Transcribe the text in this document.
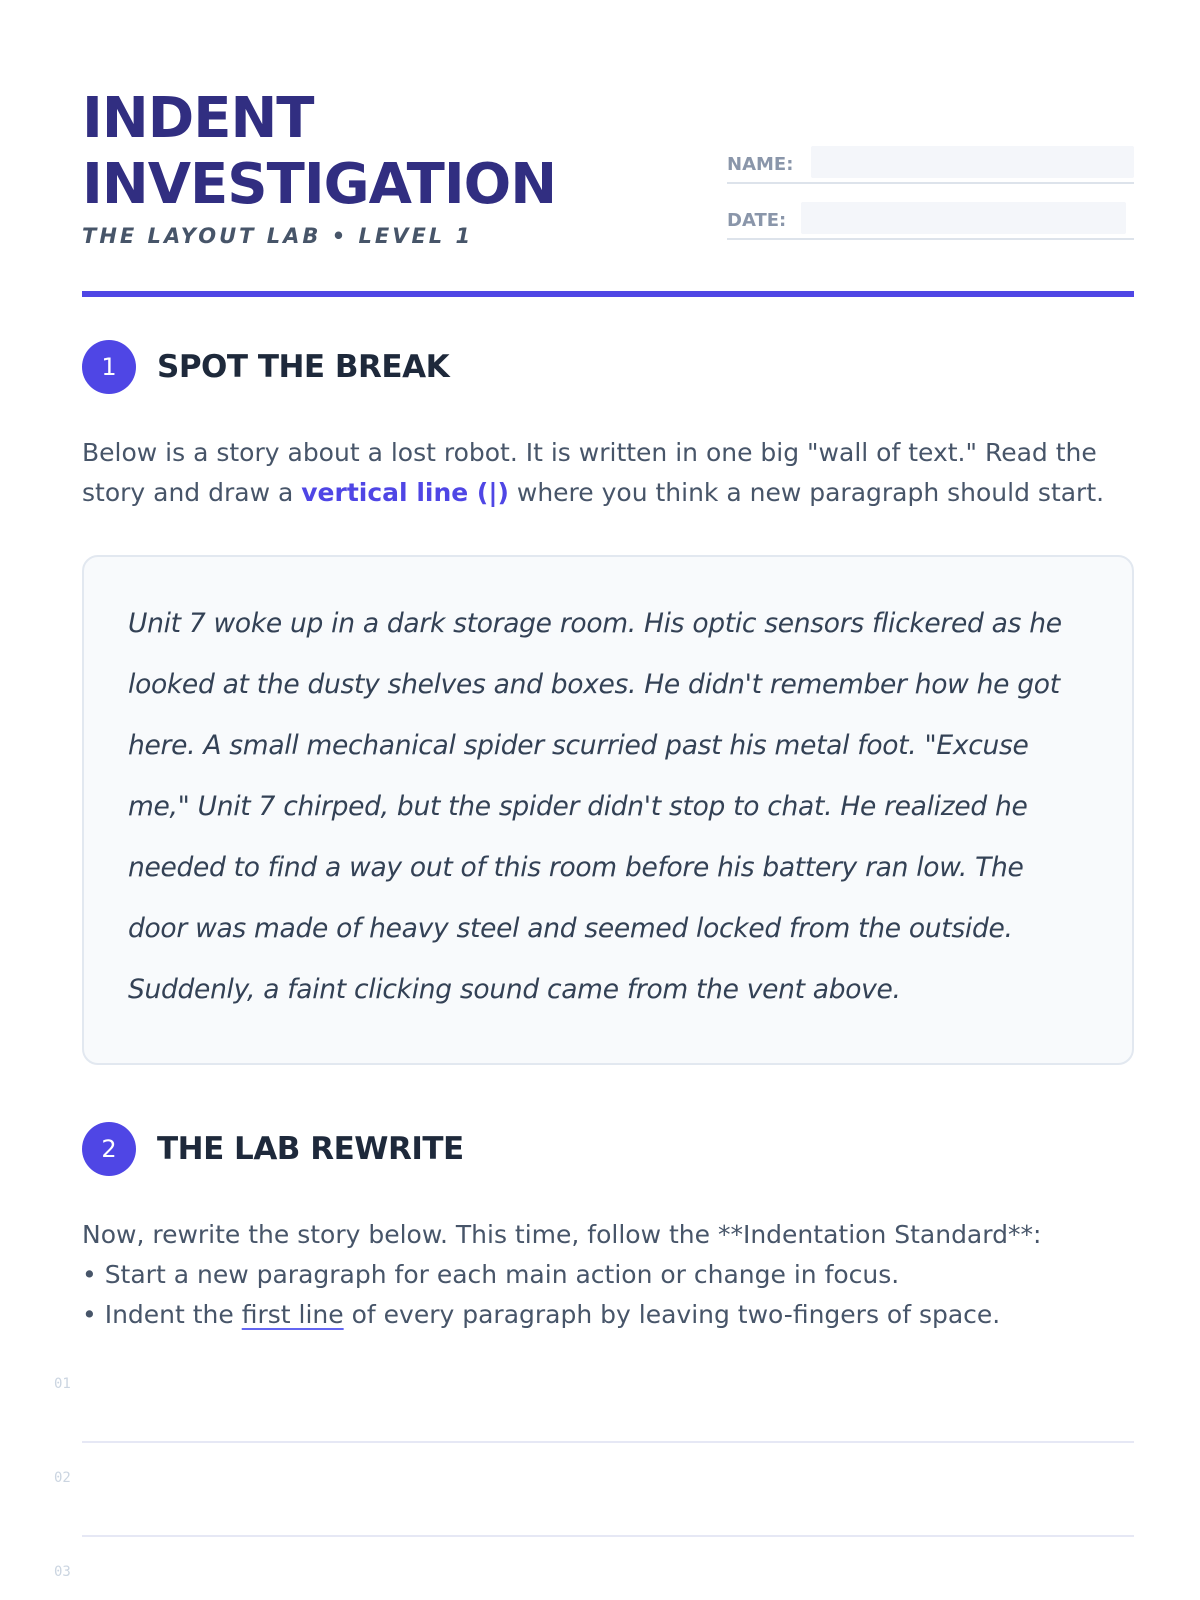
INDENT
INVESTIGATION
THE LAYOUT LAB • LEVEL 1
NAME:
DATE:
1	SPOT THE BREAK
Below is a story about a lost robot. It is written in one big "wall of text." Read the story and draw a vertical line (|) where you think a new paragraph should start.

Unit 7 woke up in a dark storage room. His optic sensors flickered as he looked at the dusty shelves and boxes. He didn't remember how he got here. A small mechanical spider scurried past his metal foot. "Excuse me," Unit 7 chirped, but the spider didn't stop to chat. He realized he needed to find a way out of this room before his battery ran low. The door was made of heavy steel and seemed locked from the outside. Suddenly, a faint clicking sound came from the vent above.

2	THE LAB REWRITE
Now, rewrite the story below. This time, follow the **Indentation Standard**:
• Start a new paragraph for each main action or change in focus.
• Indent the first line of every paragraph by leaving two-fingers of space.
01
02
03
